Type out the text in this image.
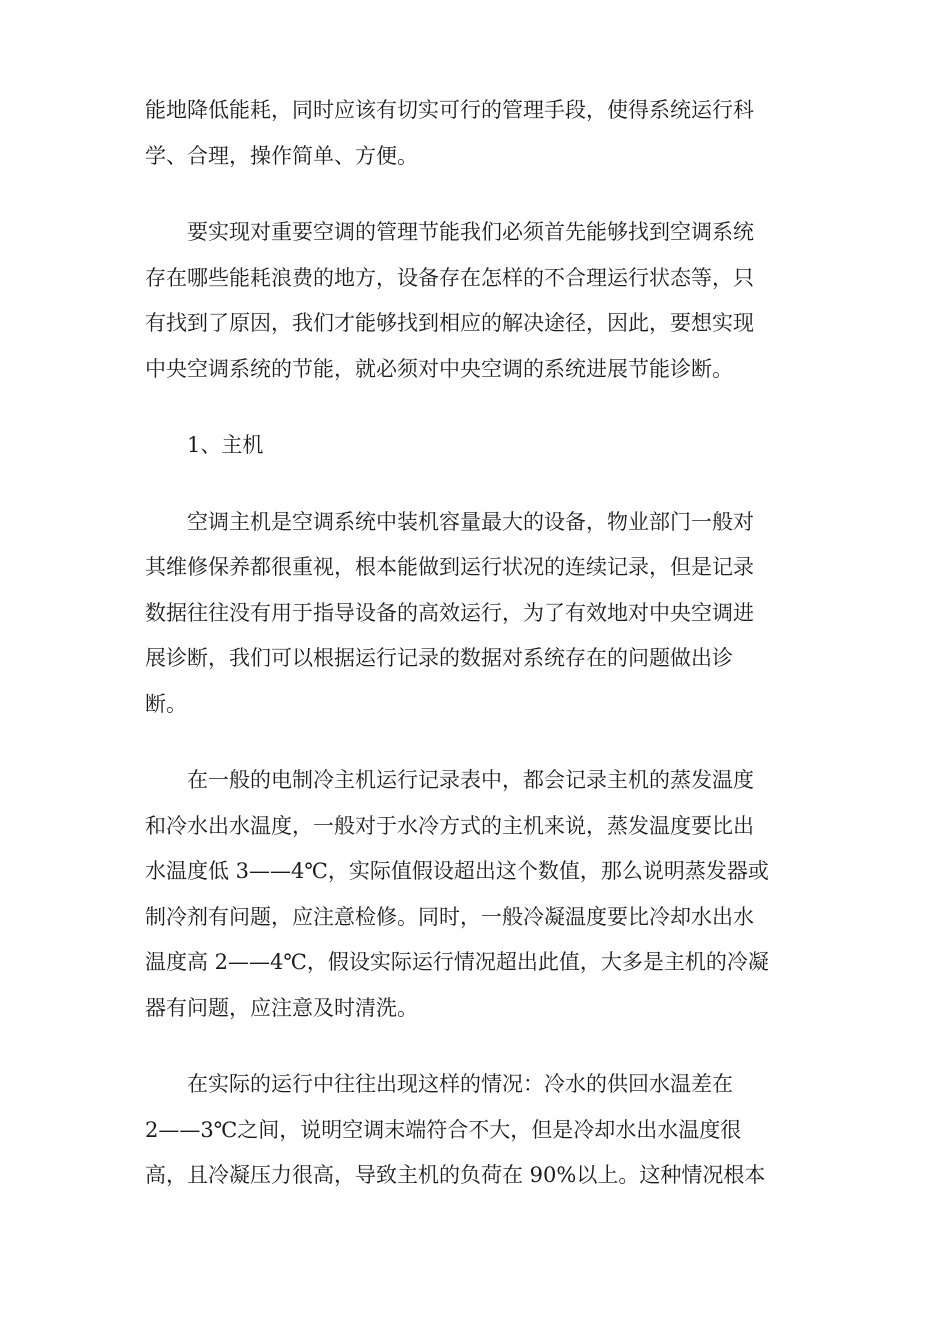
能地降低能耗，同时应该有切实可行的管理手段，使得系统运行科
学、合理，操作简单、方便。
要实现对重要空调的管理节能我们必须首先能够找到空调系统
存在哪些能耗浪费的地方，设备存在怎样的不合理运行状态等，只
有找到了原因，我们才能够找到相应的解决途径，因此，要想实现
中央空调系统的节能，就必须对中央空调的系统进展节能诊断。
1、主机
空调主机是空调系统中装机容量最大的设备，物业部门一般对
其维修保养都很重视，根本能做到运行状况的连续记录，但是记录
数据往往没有用于指导设备的高效运行，为了有效地对中央空调进
展诊断，我们可以根据运行记录的数据对系统存在的问题做出诊
断。
在一般的电制冷主机运行记录表中，都会记录主机的蒸发温度
和冷水出水温度，一般对于水冷方式的主机来说，蒸发温度要比出
水温度低 3——4℃，实际值假设超出这个数值，那么说明蒸发器或
制冷剂有问题，应注意检修。同时，一般冷凝温度要比冷却水出水
温度高 2——4℃，假设实际运行情况超出此值，大多是主机的冷凝
器有问题，应注意及时清洗。
在实际的运行中往往出现这样的情况：冷水的供回水温差在
2——3℃之间，说明空调末端符合不大，但是冷却水出水温度很
高，且冷凝压力很高，导致主机的负荷在 90%以上。这种情况根本
